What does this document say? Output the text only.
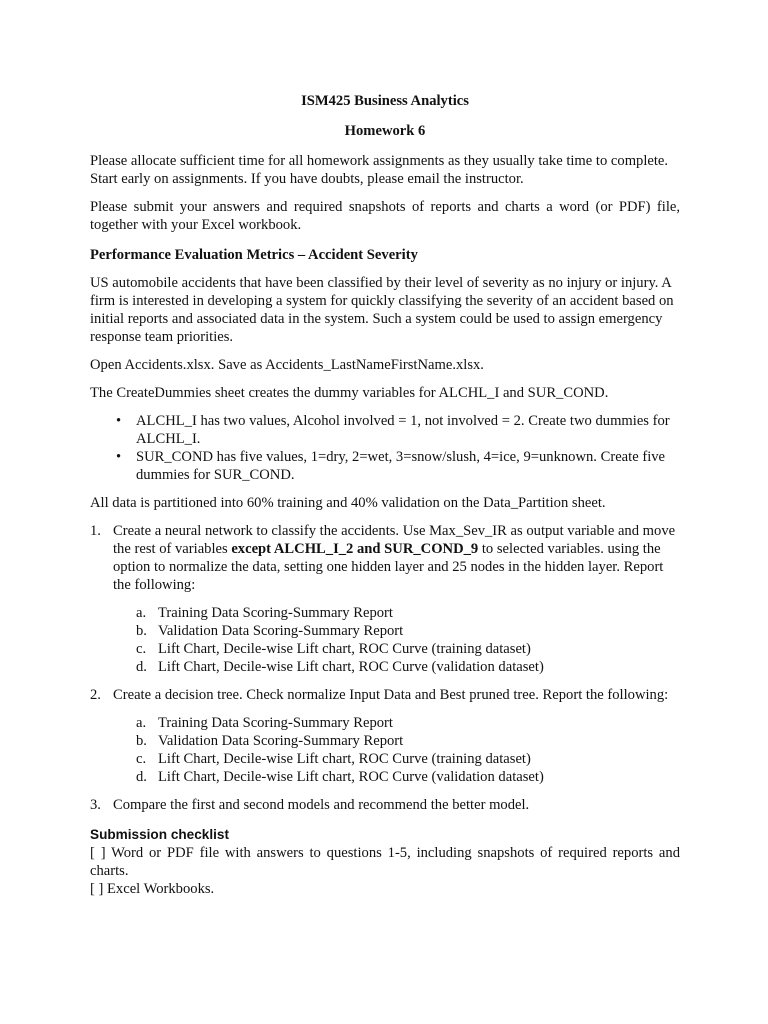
ISM425 Business Analytics

Homework 6

Please allocate sufficient time for all homework assignments as they usually take time to complete. Start early on assignments. If you have doubts, please email the instructor.

Please submit your answers and required snapshots of reports and charts a word (or PDF) file, together with your Excel workbook.

Performance Evaluation Metrics – Accident Severity

US automobile accidents that have been classified by their level of severity as no injury or injury. A firm is interested in developing a system for quickly classifying the severity of an accident based on initial reports and associated data in the system. Such a system could be used to assign emergency response team priorities.

Open Accidents.xlsx. Save as Accidents_LastNameFirstName.xlsx.

The CreateDummies sheet creates the dummy variables for ALCHL_I and SUR_COND.

• ALCHL_I has two values, Alcohol involved = 1, not involved = 2. Create two dummies for ALCHL_I.
• SUR_COND has five values, 1=dry, 2=wet, 3=snow/slush, 4=ice, 9=unknown. Create five dummies for SUR_COND.

All data is partitioned into 60% training and 40% validation on the Data_Partition sheet.

1. Create a neural network to classify the accidents. Use Max_Sev_IR as output variable and move the rest of variables except ALCHL_I_2 and SUR_COND_9 to selected variables. using the option to normalize the data, setting one hidden layer and 25 nodes in the hidden layer. Report the following:
a. Training Data Scoring-Summary Report
b. Validation Data Scoring-Summary Report
c. Lift Chart, Decile-wise Lift chart, ROC Curve (training dataset)
d. Lift Chart, Decile-wise Lift chart, ROC Curve (validation dataset)
2. Create a decision tree. Check normalize Input Data and Best pruned tree. Report the following:
a. Training Data Scoring-Summary Report
b. Validation Data Scoring-Summary Report
c. Lift Chart, Decile-wise Lift chart, ROC Curve (training dataset)
d. Lift Chart, Decile-wise Lift chart, ROC Curve (validation dataset)
3. Compare the first and second models and recommend the better model.

Submission checklist

[ ] Word or PDF file with answers to questions 1-5, including snapshots of required reports and charts.

[ ] Excel Workbooks.
